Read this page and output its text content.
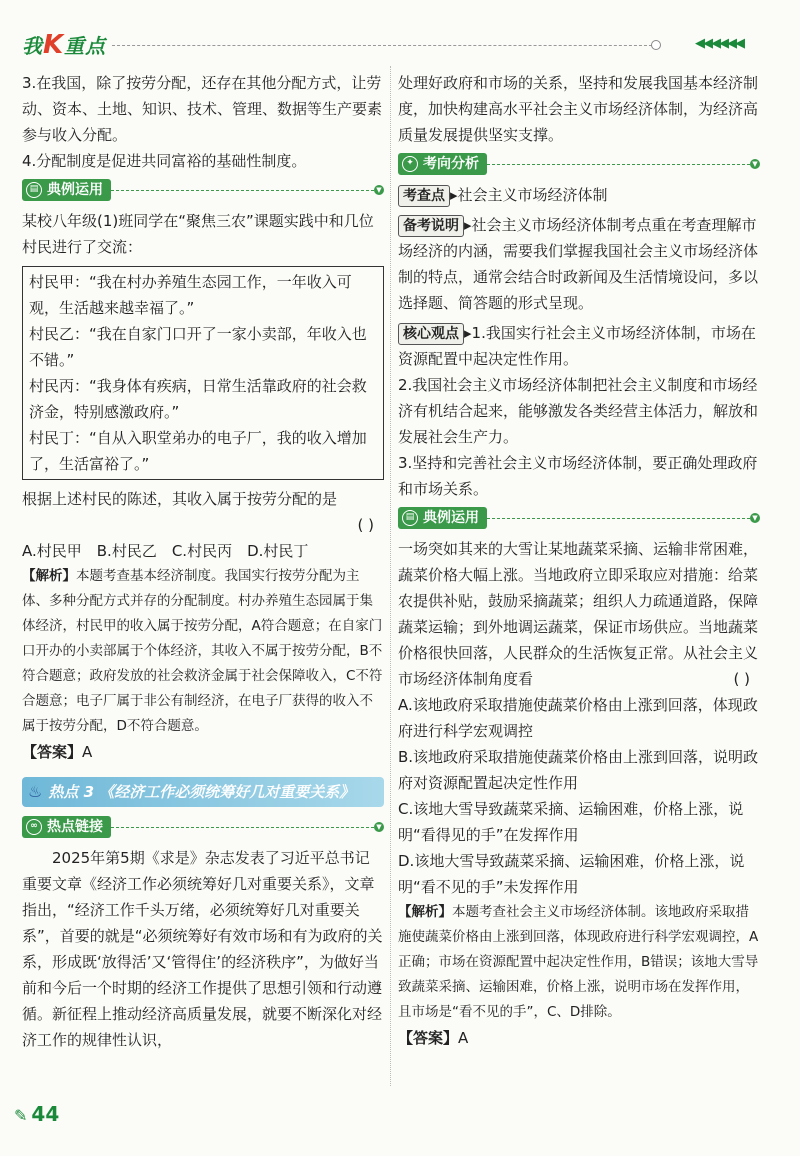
我K重点	◀◀◀◀◀◀

3.在我国，除了按劳分配，还存在其他分配方式，让劳动、资本、土地、知识、技术、管理、数据等生产要素参与收入分配。

4.分配制度是促进共同富裕的基础性制度。

▤ 典例运用	▼

某校八年级(1)班同学在“聚焦三农”课题实践中和几位村民进行了交流：

村民甲：“我在村办养殖生态园工作，一年收入可观，生活越来越幸福了。”

村民乙：“我在自家门口开了一家小卖部，年收入也不错。”

村民丙：“我身体有疾病，日常生活靠政府的社会救济金，特别感激政府。”

村民丁：“自从入职堂弟办的电子厂，我的收入增加了，生活富裕了。”

根据上述村民的陈述，其收入属于按劳分配的是

( )

A.村民甲　B.村民乙　C.村民丙　D.村民丁

【解析】本题考查基本经济制度。我国实行按劳分配为主体、多种分配方式并存的分配制度。村办养殖生态园属于集体经济，村民甲的收入属于按劳分配，A符合题意；在自家门口开办的小卖部属于个体经济，其收入不属于按劳分配，B不符合题意；政府发放的社会救济金属于社会保障收入，C不符合题意；电子厂属于非公有制经济，在电子厂获得的收入不属于按劳分配，D不符合题意。

【答案】A

♨ 热点 3 《经济工作必须统筹好几对重要关系》
∞ 热点链接	▼

2025年第5期《求是》杂志发表了习近平总书记重要文章《经济工作必须统筹好几对重要关系》，文章指出，“经济工作千头万绪，必须统筹好几对重要关系”，首要的就是“必须统筹好有效市场和有为政府的关系，形成既‘放得活’又‘管得住’的经济秩序”，为做好当前和今后一个时期的经济工作提供了思想引领和行动遵循。新征程上推动经济高质量发展，就要不断深化对经济工作的规律性认识，

处理好政府和市场的关系，坚持和发展我国基本经济制度，加快构建高水平社会主义市场经济体制，为经济高质量发展提供坚实支撑。

✦ 考向分析	▼

考查点 ▸社会主义市场经济体制

备考说明 ▸社会主义市场经济体制考点重在考查理解市场经济的内涵，需要我们掌握我国社会主义市场经济体制的特点，通常会结合时政新闻及生活情境设问，多以选择题、简答题的形式呈现。

核心观点 ▸1.我国实行社会主义市场经济体制，市场在资源配置中起决定性作用。

2.我国社会主义市场经济体制把社会主义制度和市场经济有机结合起来，能够激发各类经营主体活力，解放和发展社会生产力。

3.坚持和完善社会主义市场经济体制，要正确处理政府和市场关系。

▤ 典例运用	▼

一场突如其来的大雪让某地蔬菜采摘、运输非常困难，蔬菜价格大幅上涨。当地政府立即采取应对措施：给菜农提供补贴，鼓励采摘蔬菜；组织人力疏通道路，保障蔬菜运输；到外地调运蔬菜，保证市场供应。当地蔬菜价格很快回落，人民群众的生活恢复正常。从社会主义市场经济体制角度看	( )

A.该地政府采取措施使蔬菜价格由上涨到回落，体现政府进行科学宏观调控

B.该地政府采取措施使蔬菜价格由上涨到回落，说明政府对资源配置起决定性作用

C.该地大雪导致蔬菜采摘、运输困难，价格上涨，说明“看得见的手”在发挥作用

D.该地大雪导致蔬菜采摘、运输困难，价格上涨，说明“看不见的手”未发挥作用

【解析】本题考查社会主义市场经济体制。该地政府采取措施使蔬菜价格由上涨到回落，体现政府进行科学宏观调控，A正确；市场在资源配置中起决定性作用，B错误；该地大雪导致蔬菜采摘、运输困难，价格上涨，说明市场在发挥作用，且市场是“看不见的手”，C、D排除。

【答案】A

✎ 44
